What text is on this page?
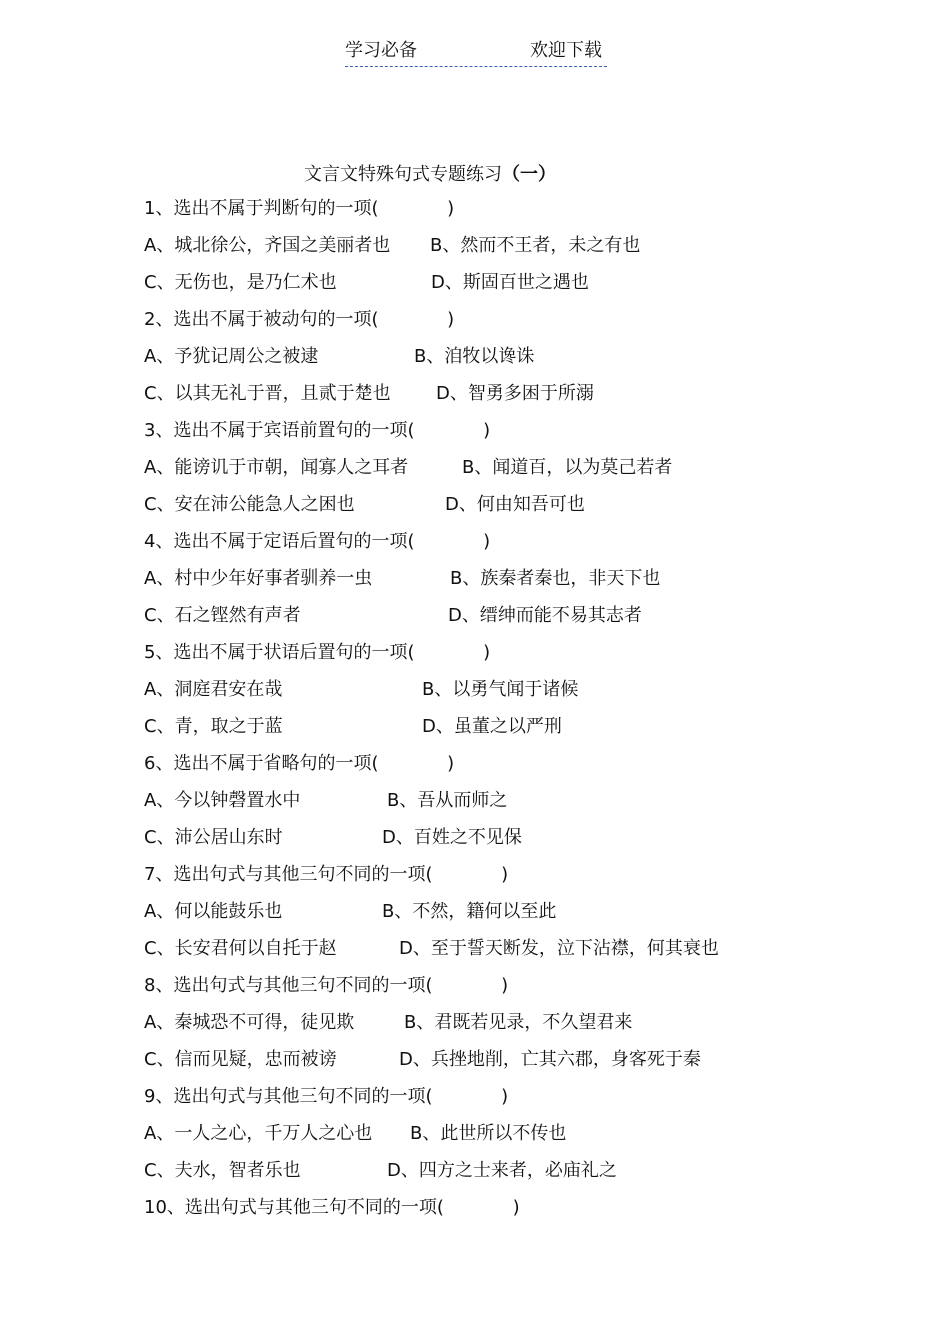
学习必备	欢迎下载
文言文特殊句式专题练习（一）
1、选出不属于判断句的一项(            )
A、城北徐公，齐国之美丽者也 B、然而不王者，未之有也
C、无伤也，是乃仁术也	D、斯固百世之遇也
2、选出不属于被动句的一项(            )
A、予犹记周公之被逮	B、洎牧以谗诛
C、以其无礼于晋，且贰于楚也	D、智勇多困于所溺
3、选出不属于宾语前置句的一项(            )
A、能谤讥于市朝，闻寡人之耳者	B、闻道百，以为莫己若者
C、安在沛公能急人之困也	D、何由知吾可也
4、选出不属于定语后置句的一项(            )
A、村中少年好事者驯养一虫	B、族秦者秦也，非天下也
C、石之铿然有声者	D、缙绅而能不易其志者
5、选出不属于状语后置句的一项(            )
A、洞庭君安在哉	B、以勇气闻于诸候
C、青，取之于蓝	D、虽董之以严刑
6、选出不属于省略句的一项(            )
A、今以钟磬置水中	B、吾从而师之
C、沛公居山东时	D、百姓之不见保
7、选出句式与其他三句不同的一项(            )
A、何以能鼓乐也	B、不然，籍何以至此
C、长安君何以自托于赵	D、至于誓天断发，泣下沾襟，何其衰也
8、选出句式与其他三句不同的一项(            )
A、秦城恐不可得，徒见欺	B、君既若见录，不久望君来
C、信而见疑，忠而被谤	D、兵挫地削，亡其六郡，身客死于秦
9、选出句式与其他三句不同的一项(            )
A、一人之心，千万人之心也 B、此世所以不传也
C、夫水，智者乐也	D、四方之士来者，必庙礼之
10、选出句式与其他三句不同的一项(            )
